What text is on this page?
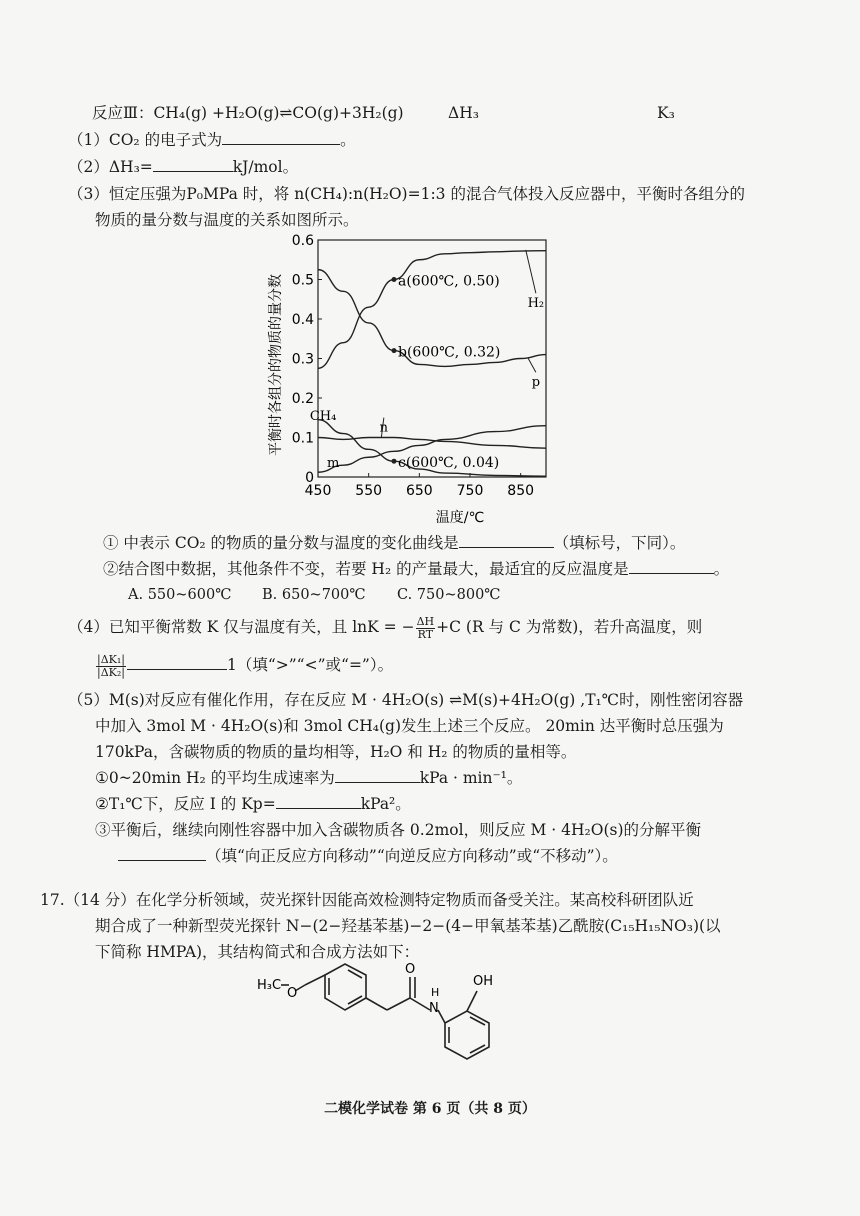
反应Ⅲ：CH₄(g) +H₂O(g)⇌CO(g)+3H₂(g)	ΔH₃	K₃
（1）CO₂ 的电子式为	。
（2）ΔH₃=	kJ/mol。
（3）恒定压强为P₀MPa 时，将 n(CH₄):n(H₂O)=1:3 的混合气体投入反应器中，平衡时各组分的
物质的量分数与温度的关系如图所示。
平衡时各组分的物质的量分数
450 550 650 750 850
0
0.1
0.2
0.3
0.4
0.5
0.6
H₂
p
CH₄
n
m
a(600℃, 0.50)
b(600℃, 0.32)
c(600℃, 0.04)
温度/℃
① 中表示 CO₂ 的物质的量分数与温度的变化曲线是	（填标号，下同）。
②结合图中数据，其他条件不变，若要 H₂ 的产量最大，最适宜的反应温度是	。
A. 550~600℃ B. 650~700℃ C. 750~800℃
（4）已知平衡常数 K 仅与温度有关，且 lnK = − $\frac{\Delta H}{RT} +C$ (R 与 C 为常数)，若升高温度，则
$\frac{\text{|ΔK₁|}}{\text{|ΔK₂|}}$	1（填“>”“<”或“=”）。
（5）M(s)对反应有催化作用，存在反应 M · 4H₂O(s) ⇌M(s)+4H₂O(g) ,T₁℃时，刚性密闭容器
中加入 3mol M · 4H₂O(s)和 3mol CH₄(g)发生上述三个反应。 20min 达平衡时总压强为
170kPa，含碳物质的物质的量均相等，H₂O 和 H₂ 的物质的量相等。
①0~20min H₂ 的平均生成速率为	kPa · min⁻¹。
②T₁℃下，反应 I 的 Kp=	kPa²。
③平衡后，继续向刚性容器中加入含碳物质各 0.2mol，则反应 M · 4H₂O(s)的分解平衡
（填“向正反应方向移动”“向逆反应方向移动”或“不移动”）。
17.（14 分）在化学分析领域，荧光探针因能高效检测特定物质而备受关注。某高校科研团队近
期合成了一种新型荧光探针 N−(2−羟基苯基)−2−(4−甲氧基苯基)乙酰胺(C₁₅H₁₅NO₃)(以
下简称 HMPA)，其结构简式和合成方法如下：
H₃C
O
O
N
H
OH
二模化学试卷 第 6 页（共 8 页）
